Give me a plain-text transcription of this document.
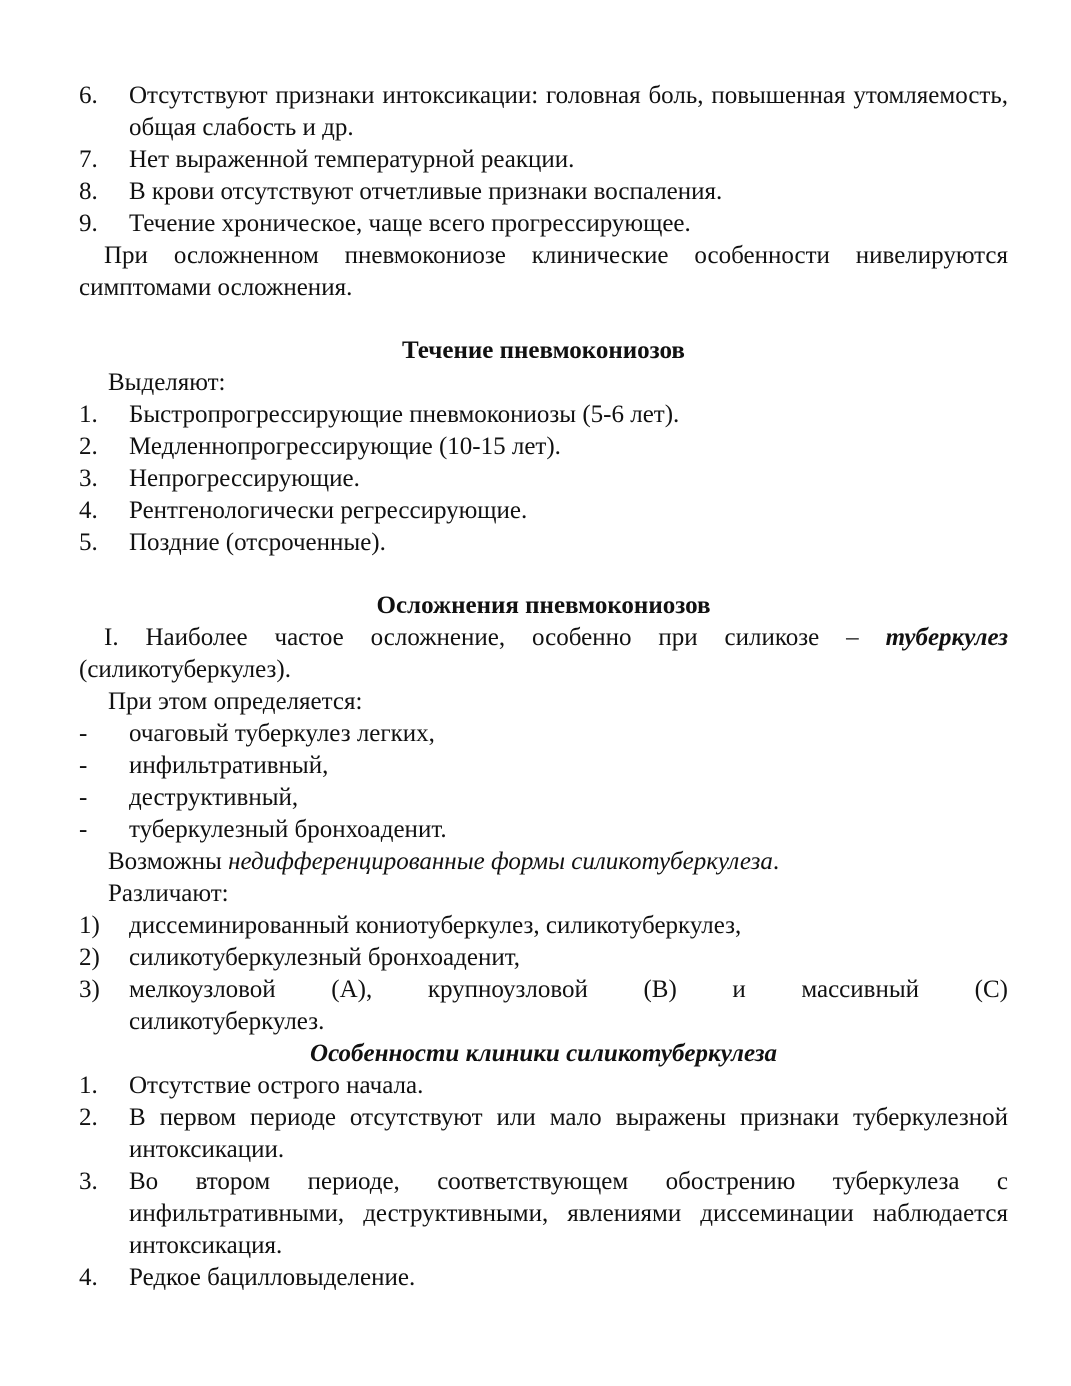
6.	Отсутствуют признаки интоксикации: головная боль, повышенная утомляемость, общая слабость и др.
7.	Нет выраженной температурной реакции.
8.	В крови отсутствуют отчетливые признаки воспаления.
9.	Течение хроническое, чаще всего прогрессирующее.

При осложненном пневмокониозе клинические особенности нивелируются симптомами осложнения.

Течение пневмокониозов
Выделяют:
1.	Быстропрогрессирующие пневмокониозы (5-6 лет).
2.	Медленнопрогрессирующие (10-15 лет).
3.	Непрогрессирующие.
4.	Рентгенологически регрессирующие.
5.	Поздние (отсроченные).
Осложнения пневмокониозов

I. Наиболее частое осложнение, особенно при силикозе – туберкулез (силикотуберкулез).

При этом определяется:
-	очаговый туберкулез легких,
-	инфильтративный,
-	деструктивный,
-	туберкулезный бронхоаденит.
Возможны недифференцированные формы силикотуберкулеза.
Различают:
1)	диссеминированный кониотуберкулез, силикотуберкулез,
2)	силикотуберкулезный бронхоаденит,
3)	мелкоузловой (А), крупноузловой (В) и массивный (С)
силикотуберкулез.
Особенности клиники силикотуберкулеза
1.	Отсутствие острого начала.
2.	В первом периоде отсутствуют или мало выражены признаки туберкулезной интоксикации.
3.	Во втором периоде, соответствующем обострению туберкулеза с инфильтративными, деструктивными, явлениями диссеминации наблюдается интоксикация.
4.	Редкое бацилловыделение.
